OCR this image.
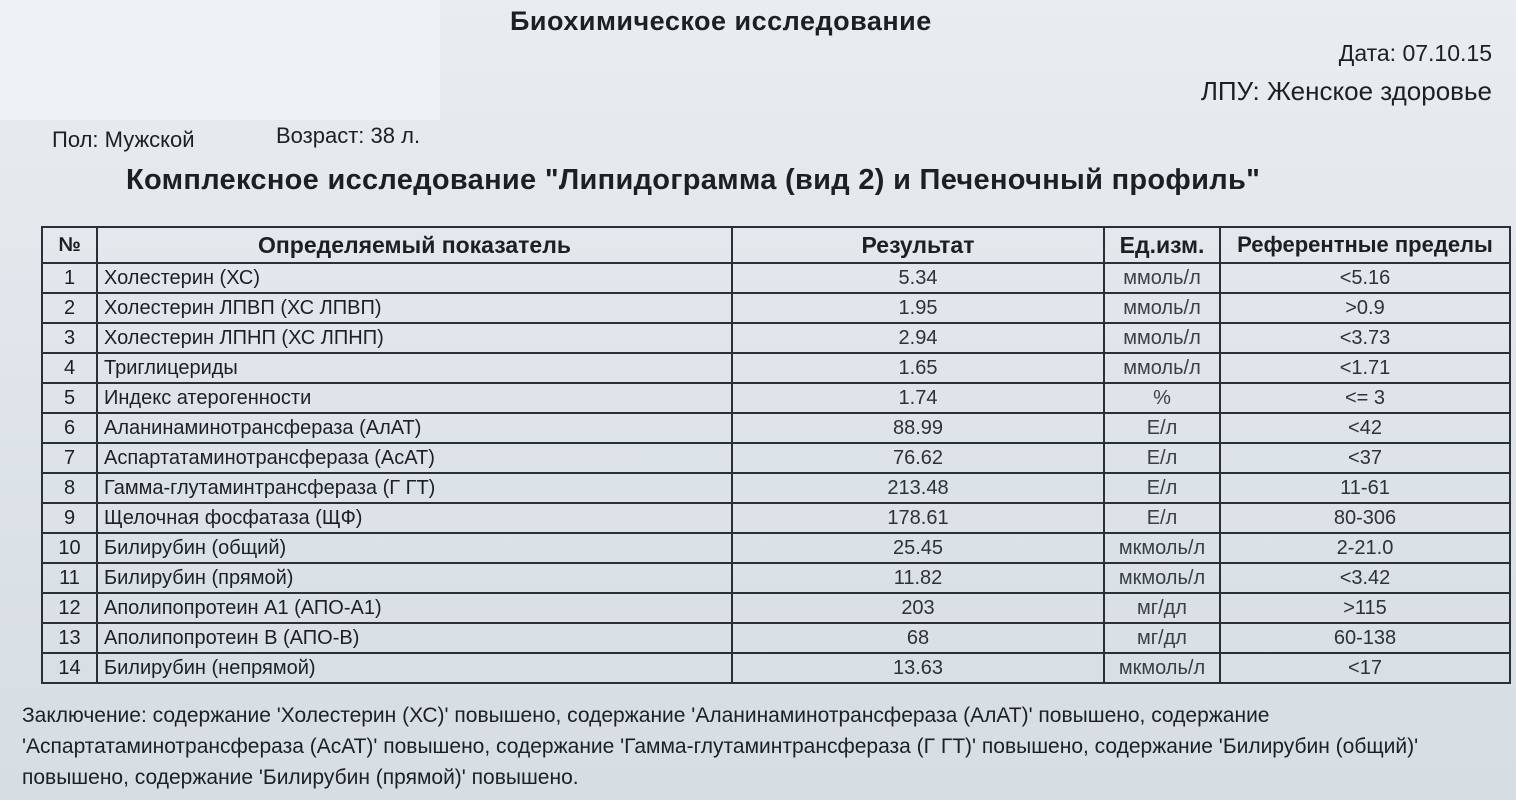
Биохимическое исследование
Дата: 07.10.15
ЛПУ: Женское здоровье
Пол: Мужской	Возраст: 38 л.
Комплексное исследование "Липидограмма (вид 2) и Печеночный профиль"
№	Определяемый показатель	Результат	Ед.изм.	Референтные пределы
1	Холестерин (ХС)	5.34	ммоль/л	<5.16
2	Холестерин ЛПВП (ХС ЛПВП)	1.95	ммоль/л	>0.9
3	Холестерин ЛПНП (ХС ЛПНП)	2.94	ммоль/л	<3.73
4	Триглицериды	1.65	ммоль/л	<1.71
5	Индекс атерогенности	1.74	%	<= 3
6	Аланинаминотрансфераза (АлАТ)	88.99	Е/л	<42
7	Аспартатаминотрансфераза (АсАТ)	76.62	Е/л	<37
8	Гамма-глутаминтрансфераза (Г ГТ)	213.48	Е/л	11-61
9	Щелочная фосфатаза (ЩФ)	178.61	Е/л	80-306
10	Билирубин (общий)	25.45	мкмоль/л	2-21.0
11	Билирубин (прямой)	11.82	мкмоль/л	<3.42
12	Аполипопротеин А1 (АПО-А1)	203	мг/дл	>115
13	Аполипопротеин В (АПО-В)	68	мг/дл	60-138
14	Билирубин (непрямой)	13.63	мкмоль/л	<17
Заключение: содержание 'Холестерин (ХС)' повышено, содержание 'Аланинаминотрансфераза (АлАТ)' повышено, содержание 'Аспартатаминотрансфераза (АсАТ)' повышено, содержание 'Гамма-глутаминтрансфераза (Г ГТ)' повышено, содержание 'Билирубин (общий)' повышено, содержание 'Билирубин (прямой)' повышено.
